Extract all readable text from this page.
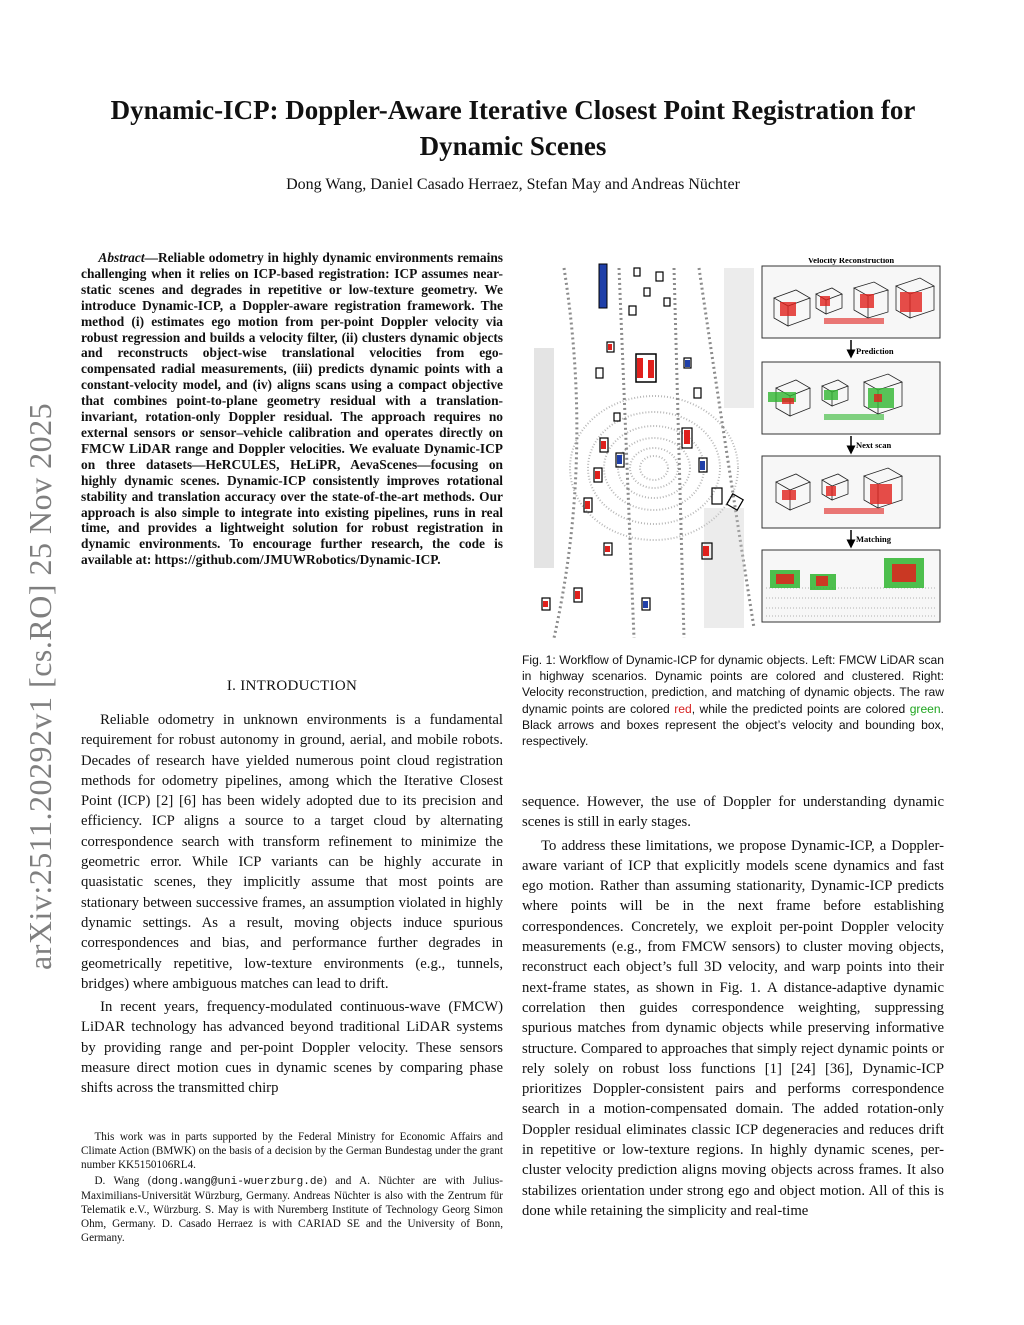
arXiv:2511.20292v1 [cs.RO] 25 Nov 2025
Dynamic-ICP: Doppler-Aware Iterative Closest Point Registration for Dynamic Scenes
Dong Wang, Daniel Casado Herraez, Stefan May and Andreas Nüchter
Abstract—Reliable odometry in highly dynamic environments remains challenging when it relies on ICP-based registration: ICP assumes near-static scenes and degrades in repetitive or low-texture geometry. We introduce Dynamic-ICP, a Doppler-aware registration framework. The method (i) estimates ego motion from per-point Doppler velocity via robust regression and builds a velocity filter, (ii) clusters dynamic objects and reconstructs object-wise translational velocities from ego-compensated radial measurements, (iii) predicts dynamic points with a constant-velocity model, and (iv) aligns scans using a compact objective that combines point-to-plane geometry residual with a translation-invariant, rotation-only Doppler residual. The approach requires no external sensors or sensor–vehicle calibration and operates directly on FMCW LiDAR range and Doppler velocities. We evaluate Dynamic-ICP on three datasets—HeRCULES, HeLiPR, AevaScenes—focusing on highly dynamic scenes. Dynamic-ICP consistently improves rotational stability and translation accuracy over the state-of-the-art methods. Our approach is also simple to integrate into existing pipelines, runs in real time, and provides a lightweight solution for robust registration in dynamic environments. To encourage further research, the code is available at: https://github.com/JMUWRobotics/Dynamic-ICP.
I. INTRODUCTION

Reliable odometry in unknown environments is a fundamental requirement for robust autonomy in ground, aerial, and mobile robots. Decades of research have yielded numerous point cloud registration methods for odometry pipelines, among which the Iterative Closest Point (ICP) [2] [6] has been widely adopted due to its precision and efficiency. ICP aligns a source to a target cloud by alternating correspondence search with transform refinement to minimize the geometric error. While ICP variants can be highly accurate in quasistatic scenes, they implicitly assume that most points are stationary between successive frames, an assumption violated in highly dynamic settings. As a result, moving objects induce spurious correspondences and bias, and performance further degrades in geometrically repetitive, low-texture environments (e.g., tunnels, bridges) where ambiguous matches can lead to drift.

In recent years, frequency-modulated continuous-wave (FMCW) LiDAR technology has advanced beyond traditional LiDAR systems by providing range and per-point Doppler velocity. These sensors measure direct motion cues in dynamic scenes by comparing phase shifts across the transmitted chirp

This work was in parts supported by the Federal Ministry for Economic Affairs and Climate Action (BMWK) on the basis of a decision by the German Bundestag under the grant number KK5150106RL4.

D. Wang (dong.wang@uni-wuerzburg.de) and A. Nüchter are with Julius-Maximilians-Universität Würzburg, Germany. Andreas Nüchter is also with the Zentrum für Telematik e.V., Würzburg. S. May is with Nuremberg Institute of Technology Georg Simon Ohm, Germany. D. Casado Herraez is with CARIAD SE and the University of Bonn, Germany.

Velocity Reconstruction
Prediction
Next scan
Matching
Fig. 1: Workflow of Dynamic-ICP for dynamic objects. Left: FMCW LiDAR scan in highway scenarios. Dynamic points are colored and clustered. Right: Velocity reconstruction, prediction, and matching of dynamic objects. The raw dynamic points are colored red, while the predicted points are colored green. Black arrows and boxes represent the object’s velocity and bounding box, respectively.

sequence. However, the use of Doppler for understanding dynamic scenes is still in early stages.

To address these limitations, we propose Dynamic-ICP, a Doppler-aware variant of ICP that explicitly models scene dynamics and fast ego motion. Rather than assuming stationarity, Dynamic-ICP predicts where points will be in the next frame before establishing correspondences. Concretely, we exploit per-point Doppler velocity measurements (e.g., from FMCW sensors) to cluster moving objects, reconstruct each object’s full 3D velocity, and warp points into their next-frame states, as shown in Fig. 1. A distance-adaptive dynamic correlation then guides correspondence weighting, suppressing spurious matches from dynamic objects while preserving informative structure. Compared to approaches that simply reject dynamic points or rely solely on robust loss functions [1] [24] [36], Dynamic-ICP prioritizes Doppler-consistent pairs and performs correspondence search in a motion-compensated domain. The added rotation-only Doppler residual eliminates classic ICP degeneracies and reduces drift in repetitive or low-texture regions. In highly dynamic scenes, per-cluster velocity prediction aligns moving objects across frames. It also stabilizes orientation under strong ego and object motion. All of this is done while retaining the simplicity and real-time
